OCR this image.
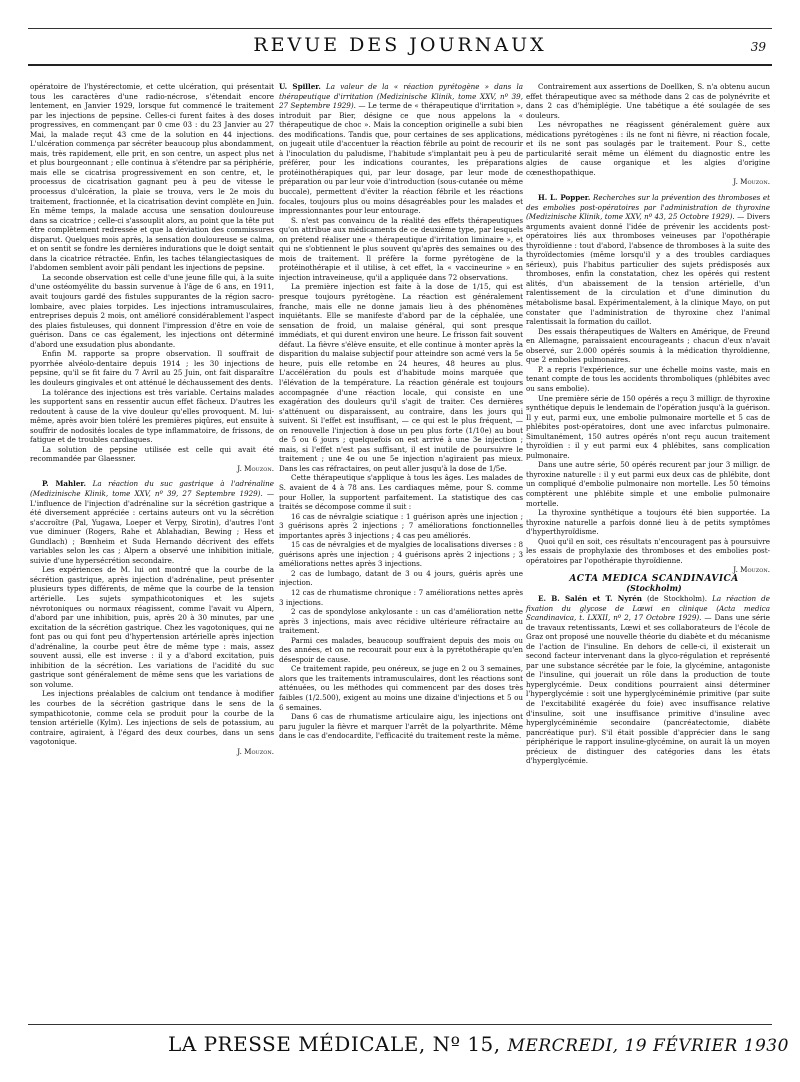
REVUE DES JOURNAUX	39

opératoire de l'hystérectomie, et cette ulcération, qui présentait tous les caractères d'une radio-nécrose, s'étendait encore lentement, en Janvier 1929, lorsque fut commencé le traitement par les injections de pepsine. Celles-ci furent faites à des doses progressives, en commençant par 0 cme 03 : du 23 Janvier au 27 Mai, la malade reçut 43 cme de la solution en 44 injections. L'ulcération commença par sécréter beaucoup plus abondamment, mais, très rapidement, elle prit, en son centre, un aspect plus net et plus bourgeonnant ; elle continua à s'étendre par sa périphérie, mais elle se cicatrisa progressivement en son centre, et, le processus de cicatrisation gagnant peu à peu de vitesse le processus d'ulcération, la plaie se trouva, vers le 2e mois du traitement, fractionnée, et la cicatrisation devint complète en Juin. En même temps, la malade accusa une sensation douloureuse dans sa cicatrice ; celle-ci s'assouplit alors, au point que la tête put être complètement redressée et que la déviation des commissures disparut. Quelques mois après, la sensation douloureuse se calma, et on sentit se fondre les dernières indurations que le doigt sentait dans la cicatrice rétractée. Enfin, les taches télangiectasiques de l'abdomen semblent avoir pâli pendant les injections de pepsine.

La seconde observation est celle d'une jeune fille qui, à la suite d'une ostéomyélite du bassin survenue à l'âge de 6 ans, en 1911, avait toujours gardé des fistules suppurantes de la région sacro-lombaire, avec plaies torpides. Les injections intramusculaires, entreprises depuis 2 mois, ont amélioré considérablement l'aspect des plaies fistuleuses, qui donnent l'impression d'être en voie de guérison. Dans ce cas également, les injections ont déterminé d'abord une exsudation plus abondante.

Enfin M. rapporte sa propre observation. Il souffrait de pyorrhée alvéolo-dentaire depuis 1914 ; les 30 injections de pepsine, qu'il se fit faire du 7 Avril au 25 Juin, ont fait disparaître les douleurs gingivales et ont atténué le déchaussement des dents.

La tolérance des injections est très variable. Certains malades les supportent sans en ressentir aucun effet fâcheux. D'autres les redoutent à cause de la vive douleur qu'elles provoquent. M. lui-même, après avoir bien toléré les premières piqûres, eut ensuite à souffrir de nodosités locales de type inflammatoire, de frissons, de fatigue et de troubles cardiaques.

La solution de pepsine utilisée est celle qui avait été recommandée par Glaessner.

J. Mouzon.

P. Mahler. La réaction du suc gastrique à l'adrénaline (Medizinische Klinik, tome XXV, nº 39, 27 Septembre 1929). — L'influence de l'injection d'adrénaline sur la sécrétion gastrique a été diversement appréciée : certains auteurs ont vu la sécrétion s'accroître (Pal, Yugawa, Loeper et Verpy, Sirotin), d'autres l'ont vue diminuer (Rogers, Rahe et Ablahadian, Bewing ; Hess et Gundlach) ; Bœnheim et Suda Hernando décrivent des effets variables selon les cas ; Alpern a observé une inhibition initiale, suivie d'une hypersécrétion secondaire.

Les expériences de M. lui ont montré que la courbe de la sécrétion gastrique, après injection d'adrénaline, peut présenter plusieurs types différents, de même que la courbe de la tension artérielle. Les sujets sympathicotoniques et les sujets névrotoniques ou normaux réagissent, comme l'avait vu Alpern, d'abord par une inhibition, puis, après 20 à 30 minutes, par une excitation de la sécrétion gastrique. Chez les vagotoniques, qui ne font pas ou qui font peu d'hypertension artérielle après injection d'adrénaline, la courbe peut être de même type : mais, assez souvent aussi, elle est inverse : il y a d'abord excitation, puis inhibition de la sécrétion. Les variations de l'acidité du suc gastrique sont généralement de même sens que les variations de son volume.

Les injections préalables de calcium ont tendance à modifier les courbes de la sécrétion gastrique dans le sens de la sympathicotonie, comme cela se produit pour la courbe de la tension artérielle (Kylm). Les injections de sels de potassium, au contraire, agiraient, à l'égard des deux courbes, dans un sens vagotonique.

J. Mouzon.

U. Spiller. La valeur de la « réaction pyrétogène » dans la thérapeutique d'irritation (Medizinische Klinik, tome XXV, nº 39, 27 Septembre 1929). — Le terme de « thérapeutique d'irritation », introduit par Bier, désigne ce que nous appelons la « thérapeutique de choc ». Mais la conception originelle a subi bien des modifications. Tandis que, pour certaines de ses applications, on jugeait utile d'accentuer la réaction fébrile au point de recourir à l'inoculation du paludisme, l'habitude s'implantait peu à peu de préférer, pour les indications courantes, les préparations protéinothérapiques qui, par leur dosage, par leur mode de préparation ou par leur voie d'introduction (sous-cutanée ou même buccale), permettent d'éviter la réaction fébrile et les réactions focales, toujours plus ou moins désagréables pour les malades et impressionnantes pour leur entourage.

S. n'est pas convaincu de la réalité des effets thérapeutiques qu'on attribue aux médicaments de ce deuxième type, par lesquels on prétend réaliser une « thérapeutique d'irritation liminaire », et qui ne s'obtiennent le plus souvent qu'après des semaines ou des mois de traitement. Il préfère la forme pyrétogène de la protéinothérapie et il utilise, à cet effet, la « vaccineurine » en injection intraveineuse, qu'il a appliquée dans 72 observations.

La première injection est faite à la dose de 1/15, qui est presque toujours pyrétogène. La réaction est généralement franche, mais elle ne donne jamais lieu à des phénomènes inquiétants. Elle se manifeste d'abord par de la céphalée, une sensation de froid, un malaise général, qui sont presque immédiats, et qui durent environ une heure. Le frisson fait souvent défaut. La fièvre s'élève ensuite, et elle continue à monter après la disparition du malaise subjectif pour atteindre son acmé vers la 5e heure, puis elle retombe en 24 heures, 48 heures au plus. L'accélération du pouls est d'habitude moins marquée que l'élévation de la température. La réaction générale est toujours accompagnée d'une réaction locale, qui consiste en une exagération des douleurs qu'il s'agit de traiter. Ces dernières s'atténuent ou disparaissent, au contraire, dans les jours qui suivent. Si l'effet est insuffisant, — ce qui est le plus fréquent, — on renouvelle l'injection à dose un peu plus forte (1/10e) au bout de 5 ou 6 jours ; quelquefois on est arrivé à une 3e injection ; mais, si l'effet n'est pas suffisant, il est inutile de poursuivre le traitement ; une 4e ou une 5e injection n'agiraient pas mieux. Dans les cas réfractaires, on peut aller jusqu'à la dose de 1/5e.

Cette thérapeutique s'applique à tous les âges. Les malades de S. avaient de 4 à 78 ans. Les cardiaques même, pour S. comme pour Holler, la supportent parfaitement. La statistique des cas traités se décompose comme il suit :

16 cas de névralgie sciatique : 1 guérison après une injection ; 3 guérisons après 2 injections ; 7 améliorations fonctionnelles importantes après 3 injections ; 4 cas peu améliorés.

15 cas de névralgies et de myalgies de localisations diverses : 8 guérisons après une injection ; 4 guérisons après 2 injections ; 3 améliorations nettes après 3 injections.

2 cas de lumbago, datant de 3 ou 4 jours, guéris après une injection.

12 cas de rhumatisme chronique : 7 améliorations nettes après 3 injections.

2 cas de spondylose ankylosante : un cas d'amélioration nette après 3 injections, mais avec récidive ultérieure réfractaire au traitement.

Parmi ces malades, beaucoup souffraient depuis des mois ou des années, et on ne recourait pour eux à la pyrétothérapie qu'en désespoir de cause.

Ce traitement rapide, peu onéreux, se juge en 2 ou 3 semaines, alors que les traitements intramusculaires, dont les réactions sont atténuées, ou les méthodes qui commencent par des doses très faibles (1/2.500), exigent au moins une dizaine d'injections et 5 ou 6 semaines.

Dans 6 cas de rhumatisme articulaire aigu, les injections ont paru juguler la fièvre et marquer l'arrêt de la polyarthrite. Même dans le cas d'endocardite, l'efficacité du traitement reste la même.

Contrairement aux assertions de Doellken, S. n'a obtenu aucun effet thérapeutique avec sa méthode dans 2 cas de polynévrite et dans 2 cas d'hémiplégie. Une tabétique a été soulagée de ses douleurs.

Les névropathes ne réagissent généralement guère aux médications pyrétogènes : ils ne font ni fièvre, ni réaction focale, et ils ne sont pas soulagés par le traitement. Pour S., cette particularité serait même un élément du diagnostic entre les algies de cause organique et les algies d'origine cœnesthopathique.

J. Mouzon.

H. L. Popper. Recherches sur la prévention des thromboses et des embolies post-opératoires par l'administration de thyroxine (Medizinische Klinik, tome XXV, nº 43, 25 Octobre 1929). — Divers arguments avaient donné l'idée de prévenir les accidents post-opératoires liés aux thromboses veineuses par l'opothérapie thyroïdienne : tout d'abord, l'absence de thromboses à la suite des thyroïdectomies (même lorsqu'il y a des troubles cardiaques sérieux), puis l'habitus particulier des sujets prédisposés aux thromboses, enfin la constatation, chez les opérés qui restent alités, d'un abaissement de la tension artérielle, d'un ralentissement de la circulation et d'une diminution du métabolisme basal. Expérimentalement, à la clinique Mayo, on put constater que l'administration de thyroxine chez l'animal ralentissait la formation du caillot.

Des essais thérapeutiques de Walters en Amérique, de Freund en Allemagne, paraissaient encourageants ; chacun d'eux n'avait observé, sur 2.000 opérés soumis à la médication thyroïdienne, que 2 embolies pulmonaires.

P. a repris l'expérience, sur une échelle moins vaste, mais en tenant compte de tous les accidents thromboliques (phlébites avec ou sans embolie).

Une première série de 150 opérés a reçu 3 milligr. de thyroxine synthétique depuis le lendemain de l'opération jusqu'à la guérison. Il y eut, parmi eux, une embolie pulmonaire mortelle et 5 cas de phlébites post-opératoires, dont une avec infarctus pulmonaire. Simultanément, 150 autres opérés n'ont reçu aucun traitement thyroïdien : il y eut parmi eux 4 phlébites, sans complication pulmonaire.

Dans une autre série, 50 opérés recurent par jour 3 milligr. de thyroxine naturelle : il y eut parmi eux deux cas de phlébite, dont un compliqué d'embolie pulmonaire non mortelle. Les 50 témoins comptèrent une phlébite simple et une embolie pulmonaire mortelle.

La thyroxine synthétique a toujours été bien supportée. La thyroxine naturelle a parfois donné lieu à de petits symptômes d'hyperthyroïdisme.

Quoi qu'il en soit, ces résultats n'encouragent pas à poursuivre les essais de prophylaxie des thromboses et des embolies post-opératoires par l'opothérapie thyroïdienne.

J. Mouzon.

ACTA MEDICA SCANDINAVICA

(Stockholm)

E. B. Salén et T. Nyrén (de Stockholm). La réaction de fixation du glycose de Lœwi en clinique (Acta medica Scandinavica, t. LXXII, nº 2, 17 Octobre 1929). — Dans une série de travaux retentissants, Lœwi et ses collaborateurs de l'école de Graz ont proposé une nouvelle théorie du diabète et du mécanisme de l'action de l'insuline. En dehors de celle-ci, il existerait un second facteur intervenant dans la glyco-régulation et représenté par une substance sécrétée par le foie, la glycémine, antagoniste de l'insuline, qui jouerait un rôle dans la production de toute hyperglycémie. Deux conditions pourraient ainsi déterminer l'hyperglycémie : soit une hyperglycéminémie primitive (par suite de l'excitabilité exagérée du foie) avec insuffisance relative d'insuline, soit une insuffisance primitive d'insuline avec hyperglycéminémie secondaire (pancréatectomie, diabète pancréatique pur). S'il était possible d'apprécier dans le sang périphérique le rapport insuline-glycémine, on aurait là un moyen précieux de distinguer des catégories dans les états d'hyperglycémie.

LA PRESSE MÉDICALE, Nº 15, MERCREDI, 19 FÉVRIER 1930
